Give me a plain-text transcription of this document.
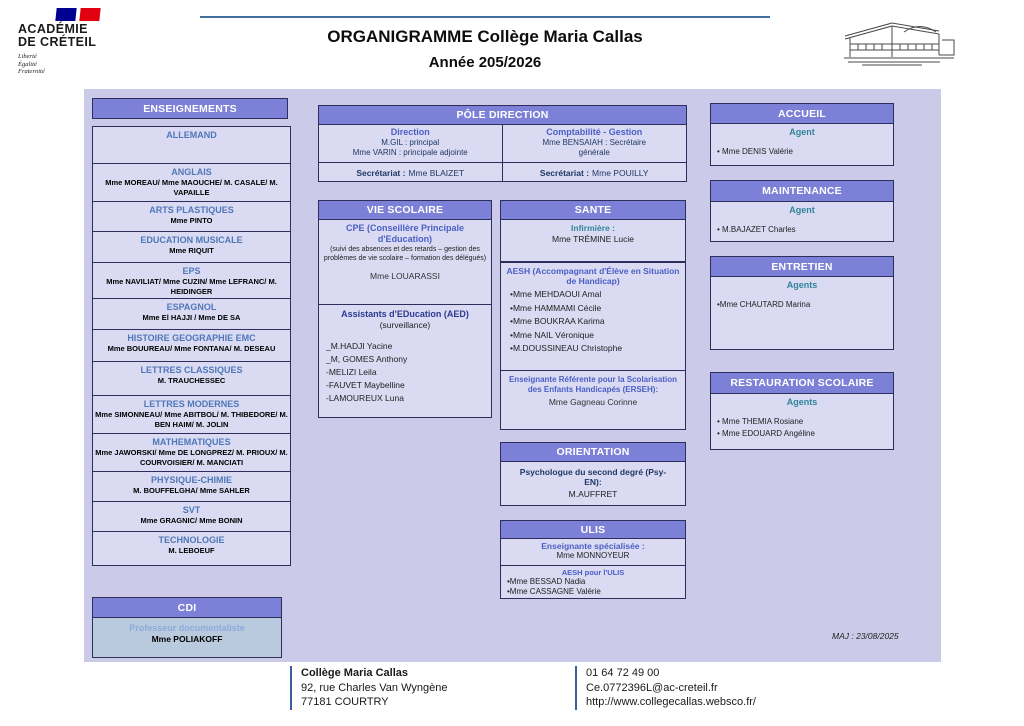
ACADÉMIE
DE CRÉTEIL
Liberté
Égalité
Fraternité
ORGANIGRAMME Collège Maria Callas
Année 205/2026
ENSEIGNEMENTS
ALLEMAND
ANGLAIS
Mme MOREAU/ Mme MAOUCHE/ M. CASALE/ M. VAPAILLE
ARTS PLASTIQUES
Mme PINTO
EDUCATION MUSICALE
Mme RIQUIT
EPS
Mme NAVILIAT/ Mme CUZIN/ Mme LEFRANC/ M. HEIDINGER
ESPAGNOL
Mme El HAJJI / Mme DE SA
HISTOIRE GEOGRAPHIE EMC
Mme BOUUREAU/ Mme FONTANA/ M. DESEAU
LETTRES CLASSIQUES
M. TRAUCHESSEC
LETTRES MODERNES
Mme SIMONNEAU/ Mme ABITBOL/ M. THIBEDORE/ M. BEN HAIM/ M. JOLIN
MATHEMATIQUES
Mme JAWORSKI/ Mme DE LONGPREZ/ M. PRIOUX/ M. COURVOISIER/ M. MANCIATI
PHYSIQUE-CHIMIE
M. BOUFFELGHA/ Mme SAHLER
SVT
Mme GRAGNIC/ Mme BONIN
TECHNOLOGIE
M. LEBOEUF
CDI
Professeur documentaliste
Mme POLIAKOFF
PÔLE DIRECTION
Direction
M.GIL : principal
Mme VARIN : principale adjointe
Comptabilité - Gestion
Mme BENSAIAH : Secrétaire générale
Secrétariat : Mme BLAIZET	Secrétariat : Mme POUILLY
VIE SCOLAIRE
CPE (Conseillère Principale d'Education)
(suivi des absences et des retards – gestion des problèmes de vie scolaire – formation des délégués)
Mme LOUARASSI
Assistants d'EDucation (AED)
(surveillance)
_M.HADJI Yacine
_M, GOMES Anthony
-MELIZI Leila
-FAUVET Maybelline
-LAMOUREUX Luna
SANTE
Infirmière :
Mme TRÉMINE Lucie
AESH (Accompagnant d'Élève en Situation de Handicap)
•Mme MEHDAOUI Amal
•Mme HAMMAMI Cécile
•Mme BOUKRAA Karima
•Mme NAIL Véronique
•M.DOUSSINEAU Christophe
Enseignante Référente pour la Scolarisation des Enfants Handicapés (ERSEH):
Mme Gagneau Corinne
ORIENTATION
Psychologue du second degré (Psy-EN):
M.AUFFRET
ULIS
Enseignante spécialisée :
Mme MONNOYEUR
AESH pour l'ULIS
•Mme BESSAD Nadia
•Mme CASSAGNE Valérie
ACCUEIL
Agent
• Mme DENIS Valérie
MAINTENANCE
Agent
• M.BAJAZET Charles
ENTRETIEN
Agents
•Mme CHAUTARD Marina
RESTAURATION SCOLAIRE
Agents
• Mme THEMIA Rosiane
• Mme EDOUARD Angéline
MAJ : 23/08/2025
Collège Maria Callas
92, rue Charles Van Wyngène
77181 COURTRY
01 64 72 49 00
Ce.0772396L@ac-creteil.fr
http://www.collegecallas.websco.fr/
